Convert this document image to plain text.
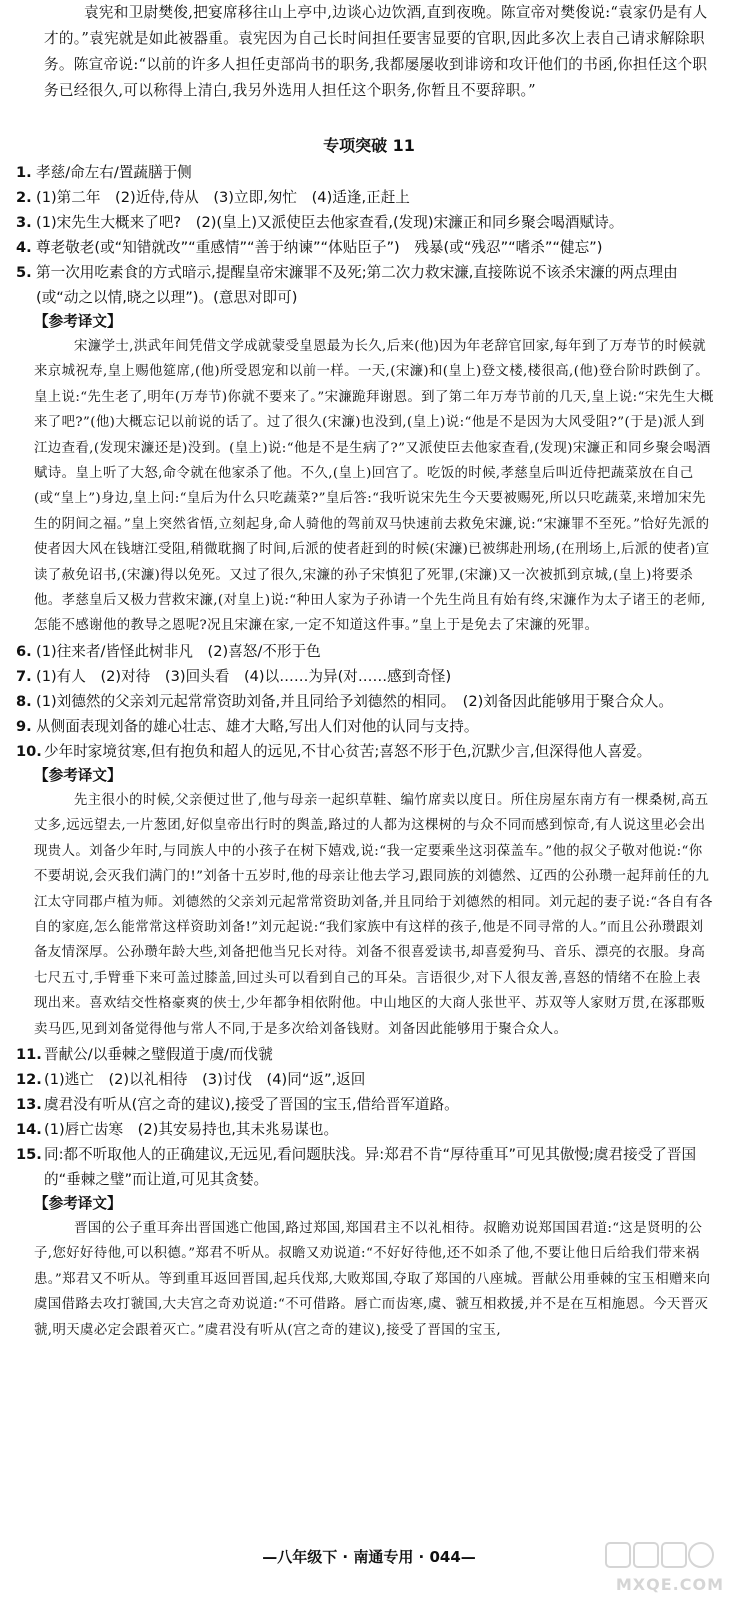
袁宪和卫尉樊俊,把宴席移往山上亭中,边谈心边饮酒,直到夜晚。陈宣帝对樊俊说:“袁家仍是有人才的。”袁宪就是如此被器重。袁宪因为自己长时间担任要害显要的官职,因此多次上表自己请求解除职务。陈宣帝说:“以前的许多人担任吏部尚书的职务,我都屡屡收到诽谤和攻讦他们的书函,你担任这个职务已经很久,可以称得上清白,我另外选用人担任这个职务,你暂且不要辞职。”
专项突破 11
1. 孝慈/命左右/置蔬膳于侧
2. (1)第二年　(2)近侍,侍从　(3)立即,匆忙　(4)适逢,正赶上
3. (1)宋先生大概来了吧?　(2)(皇上)又派使臣去他家查看,(发现)宋濂正和同乡聚会喝酒赋诗。
4. 尊老敬老(或“知错就改”“重感情”“善于纳谏”“体贴臣子”)　残暴(或“残忍”“嗜杀”“健忘”)
5. 第一次用吃素食的方式暗示,提醒皇帝宋濂罪不及死;第二次力救宋濂,直接陈说不该杀宋濂的两点理由(或“动之以情,晓之以理”)。(意思对即可)
【参考译文】
宋濂学士,洪武年间凭借文学成就蒙受皇恩最为长久,后来(他)因为年老辞官回家,每年到了万寿节的时候就来京城祝寿,皇上赐他筵席,(他)所受恩宠和以前一样。一天,(宋濂)和(皇上)登文楼,楼很高,(他)登台阶时跌倒了。皇上说:“先生老了,明年(万寿节)你就不要来了。”宋濂跪拜谢恩。到了第二年万寿节前的几天,皇上说:“宋先生大概来了吧?”(他)大概忘记以前说的话了。过了很久(宋濂)也没到,(皇上)说:“他是不是因为大风受阻?”(于是)派人到江边查看,(发现宋濂还是)没到。(皇上)说:“他是不是生病了?”又派使臣去他家查看,(发现)宋濂正和同乡聚会喝酒赋诗。皇上听了大怒,命令就在他家杀了他。不久,(皇上)回宫了。吃饭的时候,孝慈皇后叫近侍把蔬菜放在自己(或“皇上”)身边,皇上问:“皇后为什么只吃蔬菜?”皇后答:“我听说宋先生今天要被赐死,所以只吃蔬菜,来增加宋先生的阴间之福。”皇上突然省悟,立刻起身,命人骑他的驾前双马快速前去救免宋濂,说:“宋濂罪不至死。”恰好先派的使者因大风在钱塘江受阻,稍微耽搁了时间,后派的使者赶到的时候(宋濂)已被绑赴刑场,(在刑场上,后派的使者)宣读了赦免诏书,(宋濂)得以免死。又过了很久,宋濂的孙子宋慎犯了死罪,(宋濂)又一次被抓到京城,(皇上)将要杀他。孝慈皇后又极力营救宋濂,(对皇上)说:“种田人家为子孙请一个先生尚且有始有终,宋濂作为太子诸王的老师,怎能不感谢他的教导之恩呢?况且宋濂在家,一定不知道这件事。”皇上于是免去了宋濂的死罪。
6. (1)往来者/皆怪此树非凡　(2)喜怒/不形于色
7. (1)有人　(2)对待　(3)回头看　(4)以……为异(对……感到奇怪)
8. (1)刘德然的父亲刘元起常常资助刘备,并且同给予刘德然的相同。　(2)刘备因此能够用于聚合众人。
9. 从侧面表现刘备的雄心壮志、雄才大略,写出人们对他的认同与支持。
10. 少年时家境贫寒,但有抱负和超人的远见,不甘心贫苦;喜怒不形于色,沉默少言,但深得他人喜爱。
【参考译文】
先主很小的时候,父亲便过世了,他与母亲一起织草鞋、编竹席卖以度日。所住房屋东南方有一棵桑树,高五丈多,远远望去,一片葱团,好似皇帝出行时的舆盖,路过的人都为这棵树的与众不同而感到惊奇,有人说这里必会出现贵人。刘备少年时,与同族人中的小孩子在树下嬉戏,说:“我一定要乘坐这羽葆盖车。”他的叔父子敬对他说:“你不要胡说,会灭我们满门的!”刘备十五岁时,他的母亲让他去学习,跟同族的刘德然、辽西的公孙瓒一起拜前任的九江太守同郡卢植为师。刘德然的父亲刘元起常常资助刘备,并且同给于刘德然的相同。刘元起的妻子说:“各自有各自的家庭,怎么能常常这样资助刘备!”刘元起说:“我们家族中有这样的孩子,他是不同寻常的人。”而且公孙瓒跟刘备友情深厚。公孙瓒年龄大些,刘备把他当兄长对待。刘备不很喜爱读书,却喜爱狗马、音乐、漂亮的衣服。身高七尺五寸,手臂垂下来可盖过膝盖,回过头可以看到自己的耳朵。言语很少,对下人很友善,喜怒的情绪不在脸上表现出来。喜欢结交性格豪爽的侠士,少年都争相依附他。中山地区的大商人张世平、苏双等人家财万贯,在涿郡贩卖马匹,见到刘备觉得他与常人不同,于是多次给刘备钱财。刘备因此能够用于聚合众人。
11. 晋献公/以垂棘之璧假道于虞/而伐虢
12. (1)逃亡　(2)以礼相待　(3)讨伐　(4)同“返”,返回
13. 虞君没有听从(宫之奇的建议),接受了晋国的宝玉,借给晋军道路。
14. (1)唇亡齿寒　(2)其安易持也,其未兆易谋也。
15. 同:都不听取他人的正确建议,无远见,看问题肤浅。异:郑君不肯“厚待重耳”可见其傲慢;虞君接受了晋国的“垂棘之璧”而让道,可见其贪婪。
【参考译文】
晋国的公子重耳奔出晋国逃亡他国,路过郑国,郑国君主不以礼相待。叔瞻劝说郑国国君道:“这是贤明的公子,您好好待他,可以积德。”郑君不听从。叔瞻又劝说道:“不好好待他,还不如杀了他,不要让他日后给我们带来祸患。”郑君又不听从。等到重耳返回晋国,起兵伐郑,大败郑国,夺取了郑国的八座城。晋献公用垂棘的宝玉相赠来向虞国借路去攻打虢国,大夫宫之奇劝说道:“不可借路。唇亡而齿寒,虞、虢互相救援,并不是在互相施恩。今天晋灭虢,明天虞必定会跟着灭亡。”虞君没有听从(宫之奇的建议),接受了晋国的宝玉,
—八年级下 · 南通专用 · 044—
MXQE.COM
